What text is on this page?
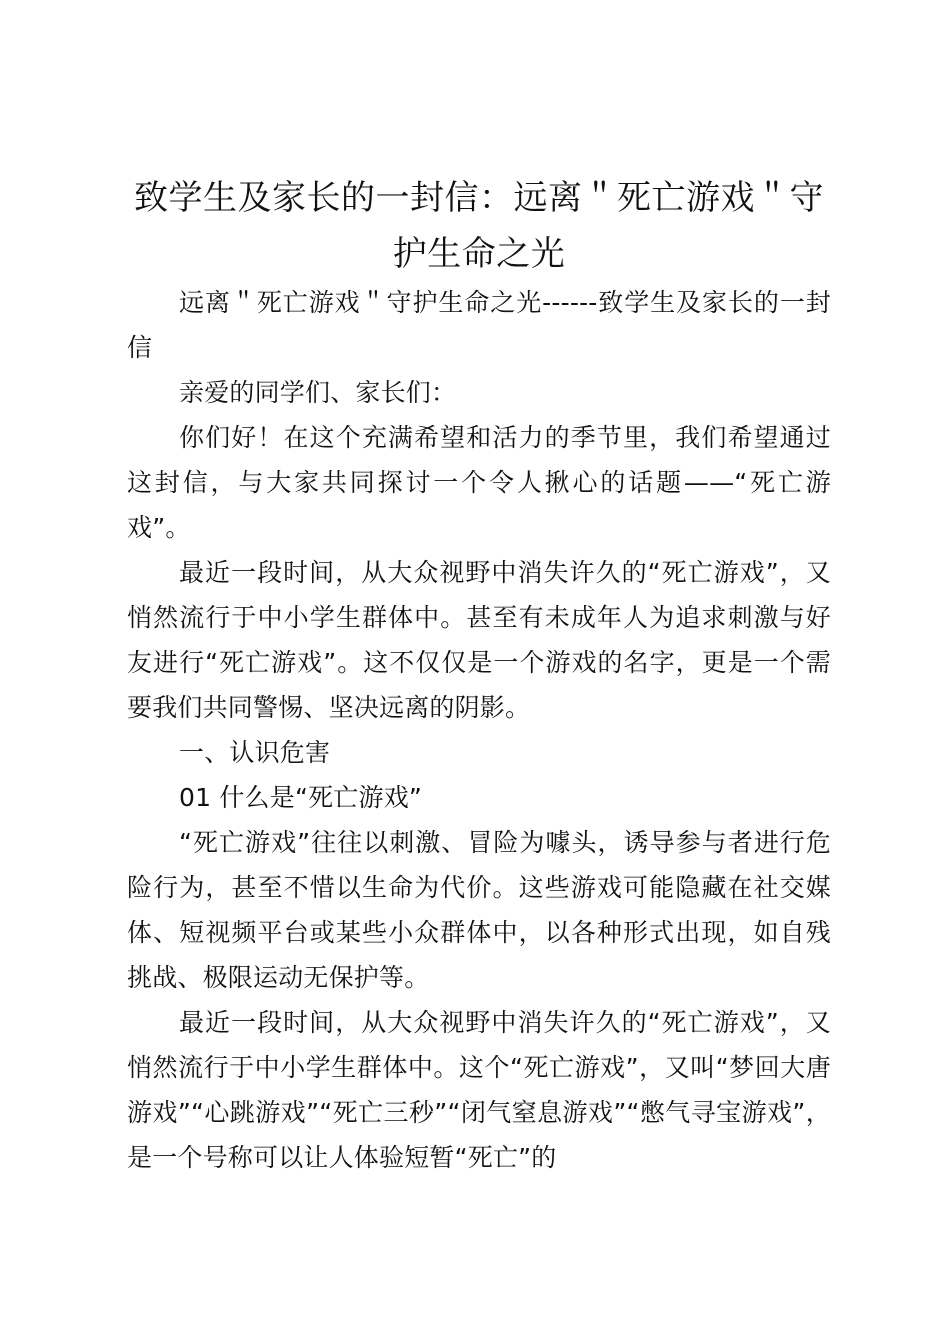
致学生及家长的一封信：远离＂死亡游戏＂守护生命之光

远离＂死亡游戏＂守护生命之光------致学生及家长的一封信

亲爱的同学们、家长们：

你们好！在这个充满希望和活力的季节里，我们希望通过这封信，与大家共同探讨一个令人揪心的话题——“死亡游戏”。

最近一段时间，从大众视野中消失许久的“死亡游戏”，又悄然流行于中小学生群体中。甚至有未成年人为追求刺激与好友进行“死亡游戏”。这不仅仅是一个游戏的名字，更是一个需要我们共同警惕、坚决远离的阴影。

一、认识危害

01 什么是“死亡游戏”

“死亡游戏”往往以刺激、冒险为噱头，诱导参与者进行危险行为，甚至不惜以生命为代价。这些游戏可能隐藏在社交媒体、短视频平台或某些小众群体中，以各种形式出现，如自残挑战、极限运动无保护等。

最近一段时间，从大众视野中消失许久的“死亡游戏”，又悄然流行于中小学生群体中。这个“死亡游戏”，又叫“梦回大唐游戏”“心跳游戏”“死亡三秒”“闭气窒息游戏”“憋气寻宝游戏”，是一个号称可以让人体验短暂“死亡”的
